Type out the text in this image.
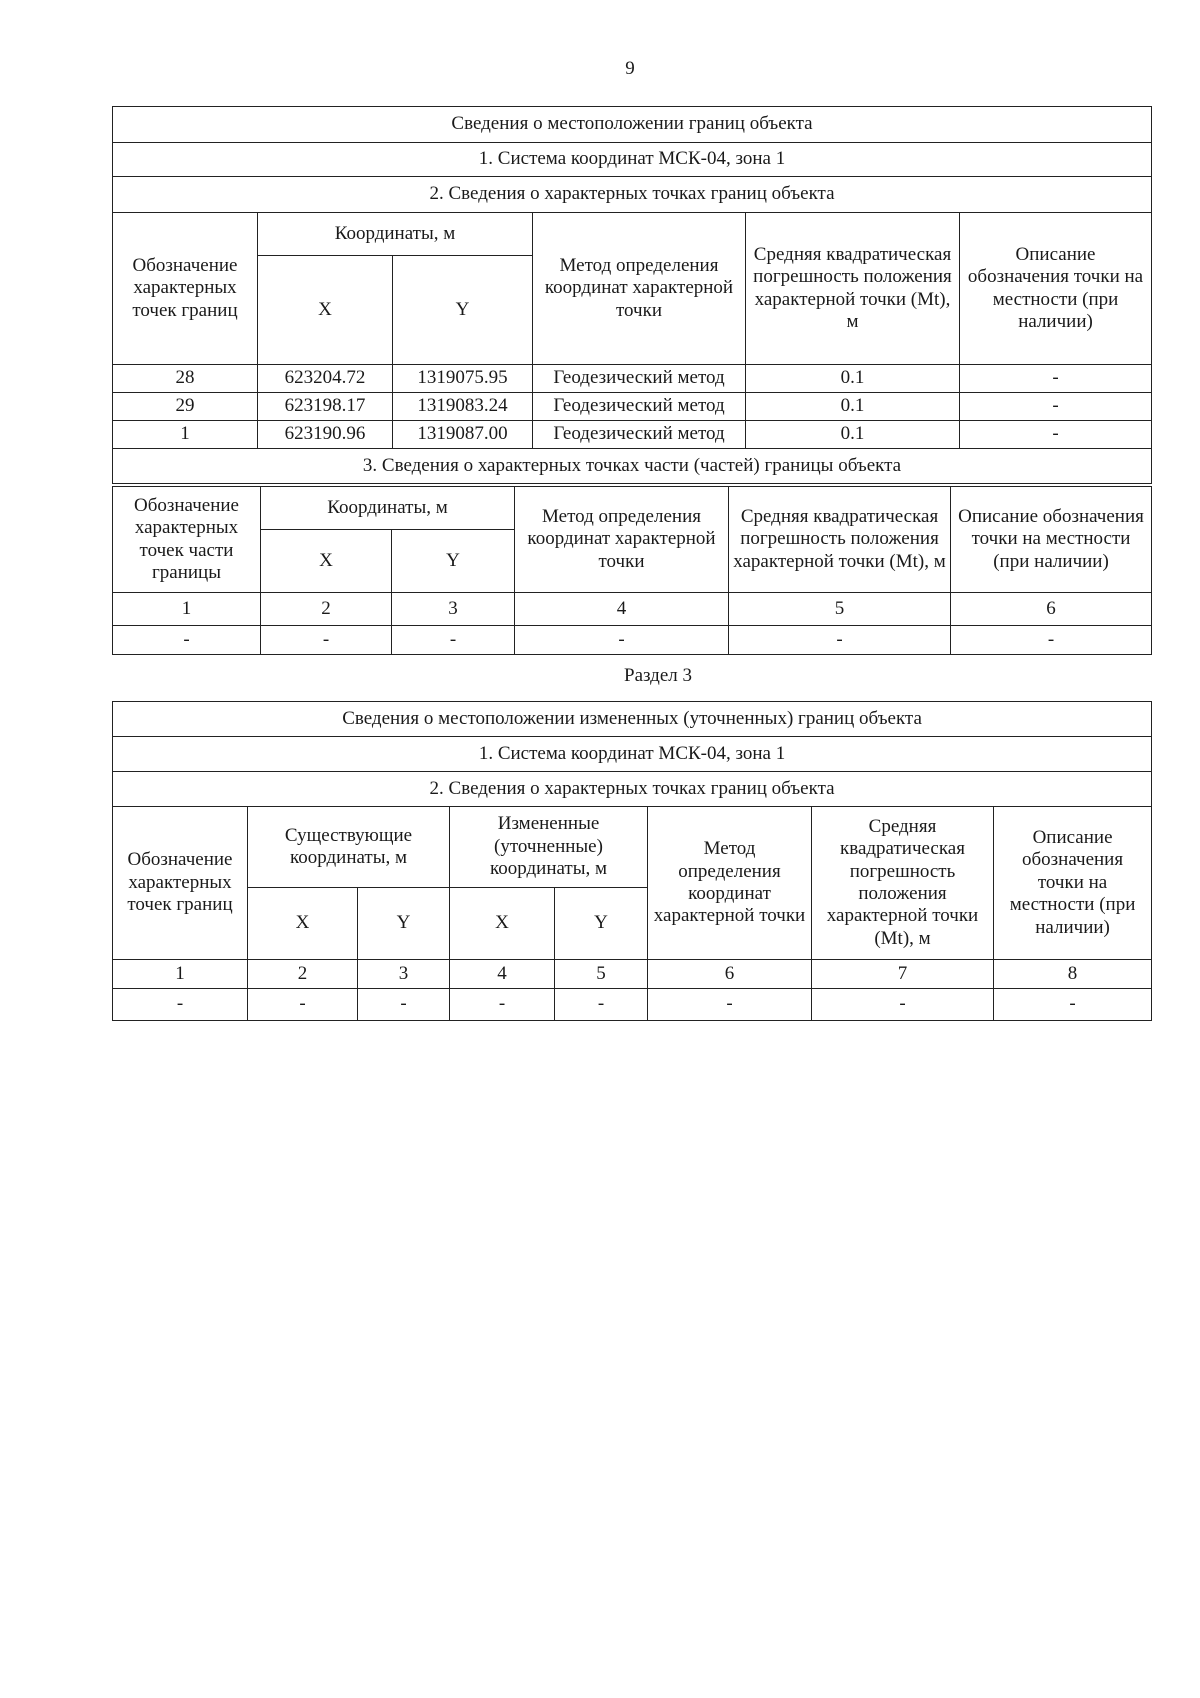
9
Сведения о местоположении границ объекта					
1. Система координат МСК-04, зона 1					
2. Сведения о характерных точках границ объекта					
Обозначение характерных точек границ	Координаты, м		Метод определения координат характерной точки	Средняя квадратическая погрешность положения характерной точки (Mt), м	Описание обозначения точки на местности (при наличии)
	X	Y			
28	623204.72	1319075.95	Геодезический метод	0.1	-
29	623198.17	1319083.24	Геодезический метод	0.1	-
1	623190.96	1319087.00	Геодезический метод	0.1	-
3. Сведения о характерных точках части (частей) границы объекта					
Обозначение характерных точек части границы	Координаты, м		Метод определения координат характерной точки	Средняя квадратическая погрешность положения характерной точки (Mt), м	Описание обозначения точки на местности (при наличии)
	X	Y			
1	2	3	4	5	6
-	-	-	-	-	-
Раздел 3
Сведения о местоположении измененных (уточненных) границ объекта							
1. Система координат МСК-04, зона 1							
2. Сведения о характерных точках границ объекта							
Обозначение характерных точек границ	Существующие координаты, м		Измененные (уточненные) координаты, м		Метод определения координат характерной точки	Средняя квадратическая погрешность положения характерной точки (Mt), м	Описание обозначения точки на местности (при наличии)
	X	Y	X	Y			
1	2	3	4	5	6	7	8
-	-	-	-	-	-	-	-
